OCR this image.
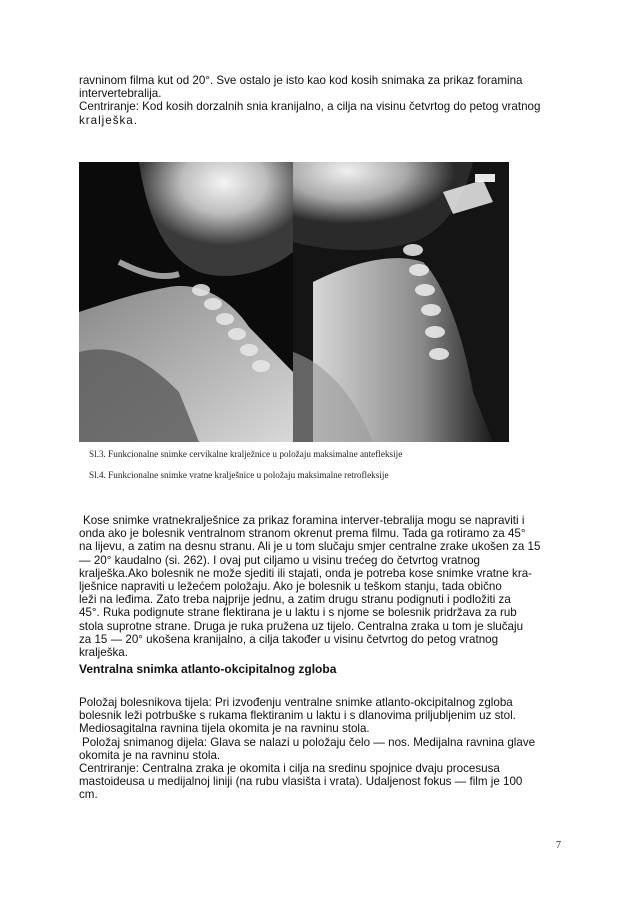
ravninom filma kut od 20°. Sve ostalo je isto kao kod kosih snimaka za prikaz foramina
intervertebralija.
Centriranje: Kod kosih dorzalnih snia kranijalno, a cilja na visinu četvrtog do petog vratnog
kralješka.
Sl.3. Funkcionalne snimke cervikalne kralježnice u položaju maksimalne antefleksije
Sl.4. Funkcionalne snimke vratne kralješnice u položaju maksimalne retrofleksije
Kose snimke vratnekralješnice za prikaz foramina interver-tebralija mogu se napraviti i
onda ako je bolesnik ventralnom stranom okrenut prema filmu. Tada ga rotiramo za 45°
na lijevu, a zatim na desnu stranu. Ali je u tom slučaju smjer centralne zrake ukošen za 15
— 20° kaudalno (si. 262). I ovaj put ciljamo u visinu trećeg do četvrtog vratnog
kralješka.Ako bolesnik ne može sjediti ili stajati, onda je potreba kose snimke vratne kra-
lješnice napraviti u ležećem položaju. Ako je bolesnik u teškom stanju, tada obično
leži na leđima. Zato treba najprije jednu, a zatim drugu stranu podignuti i podložiti za
45°. Ruka podignute strane flektirana je u laktu i s njome se bolesnik pridržava za rub
stola suprotne strane. Druga je ruka pružena uz tijelo. Centralna zraka u tom je slučaju
za 15 — 20° ukošena kranijalno, a cilja također u visinu četvrtog do petog vratnog
kralješka.
Ventralna snimka atlanto-okcipitalnog zgloba
Položaj bolesnikova tijela: Pri izvođenju ventralne snimke atlanto-okcipitalnog zgloba
bolesnik leži potrbuške s rukama flektiranim u laktu i s dlanovima priljubljenim uz stol.
Mediosagitalna ravnina tijela okomita je na ravninu stola.
Položaj snimanog dijela: Glava se nalazi u položaju čelo — nos. Medijalna ravnina glave
okomita je na ravninu stola.
Centriranje: Centralna zraka je okomita i cilja na sredinu spojnice dvaju procesusa
mastoideusa u medijalnoj liniji (na rubu vlasišta i vrata). Udaljenost fokus — film je 100
cm.
7
